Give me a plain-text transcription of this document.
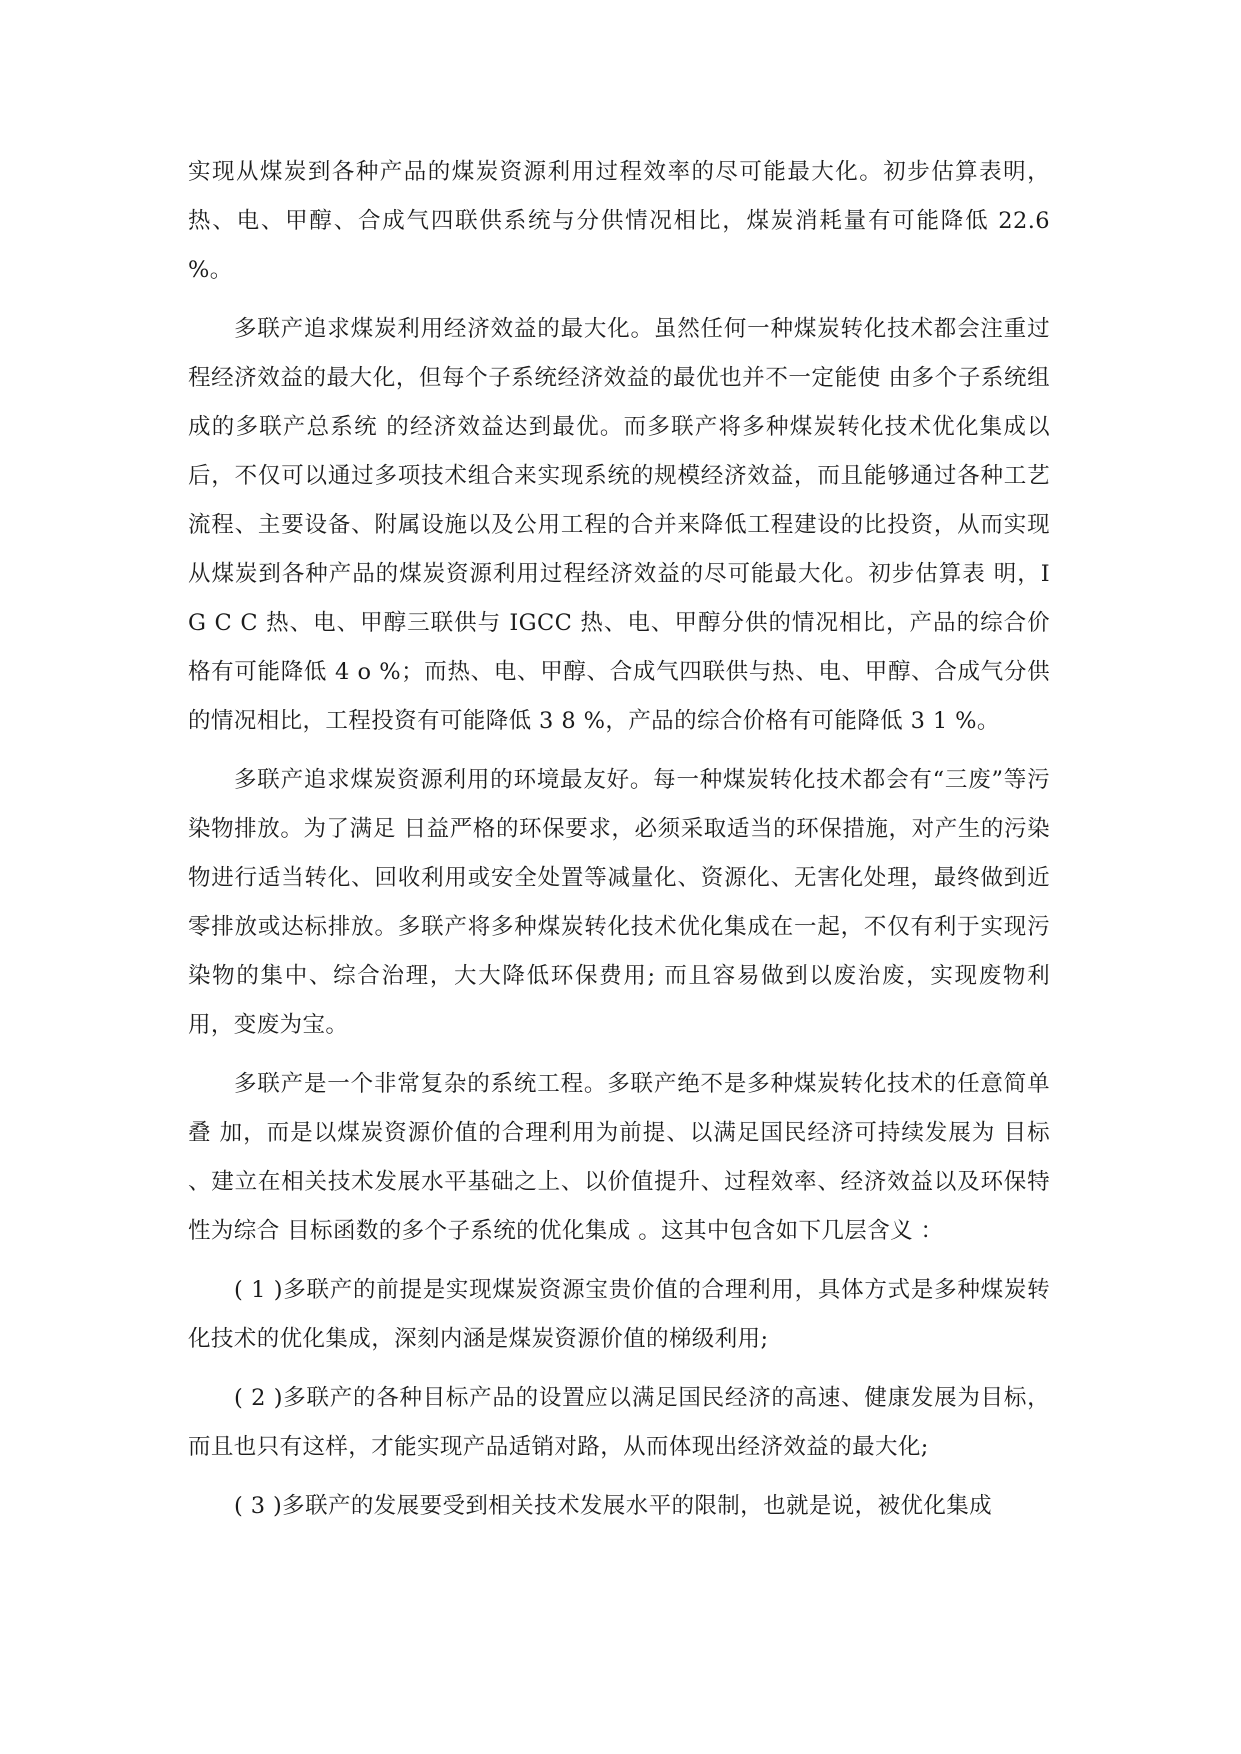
实现从煤炭到各种产品的煤炭资源利用过程效率的尽可能最大化。初步估算表明，热、电、甲醇、合成气四联供系统与分供情况相比，煤炭消耗量有可能降低 22.6 %。

多联产追求煤炭利用经济效益的最大化。虽然任何一种煤炭转化技术都会注重过程经济效益的最大化，但每个子系统经济效益的最优也并不一定能使 由多个子系统组成的多联产总系统 的经济效益达到最优。而多联产将多种煤炭转化技术优化集成以后，不仅可以通过多项技术组合来实现系统的规模经济效益，而且能够通过各种工艺流程、主要设备、附属设施以及公用工程的合并来降低工程建设的比投资，从而实现从煤炭到各种产品的煤炭资源利用过程经济效益的尽可能最大化。初步估算表 明，I G C C 热、电、甲醇三联供与 IGCC 热、电、甲醇分供的情况相比，产品的综合价格有可能降低 4 o %；而热、电、甲醇、合成气四联供与热、电、甲醇、合成气分供的情况相比，工程投资有可能降低 3 8 %，产品的综合价格有可能降低 3 1 %。

多联产追求煤炭资源利用的环境最友好。每一种煤炭转化技术都会有“三废”等污染物排放。为了满足 日益严格的环保要求，必须采取适当的环保措施，对产生的污染物进行适当转化、回收利用或安全处置等减量化、资源化、无害化处理，最终做到近零排放或达标排放。多联产将多种煤炭转化技术优化集成在一起，不仅有利于实现污染物的集中、综合治理，大大降低环保费用; 而且容易做到以废治废，实现废物利用，变废为宝。

多联产是一个非常复杂的系统工程。多联产绝不是多种煤炭转化技术的任意简单叠 加，而是以煤炭资源价值的合理利用为前提、以满足国民经济可持续发展为 目标 、建立在相关技术发展水平基础之上、以价值提升、过程效率、经济效益以及环保特性为综合 目标函数的多个子系统的优化集成 。这其中包含如下几层含义 ：

( 1 )多联产的前提是实现煤炭资源宝贵价值的合理利用，具体方式是多种煤炭转化技术的优化集成，深刻内涵是煤炭资源价值的梯级利用;

( 2 )多联产的各种目标产品的设置应以满足国民经济的高速、健康发展为目标，而且也只有这样，才能实现产品适销对路，从而体现出经济效益的最大化;

( 3 )多联产的发展要受到相关技术发展水平的限制，也就是说，被优化集成
